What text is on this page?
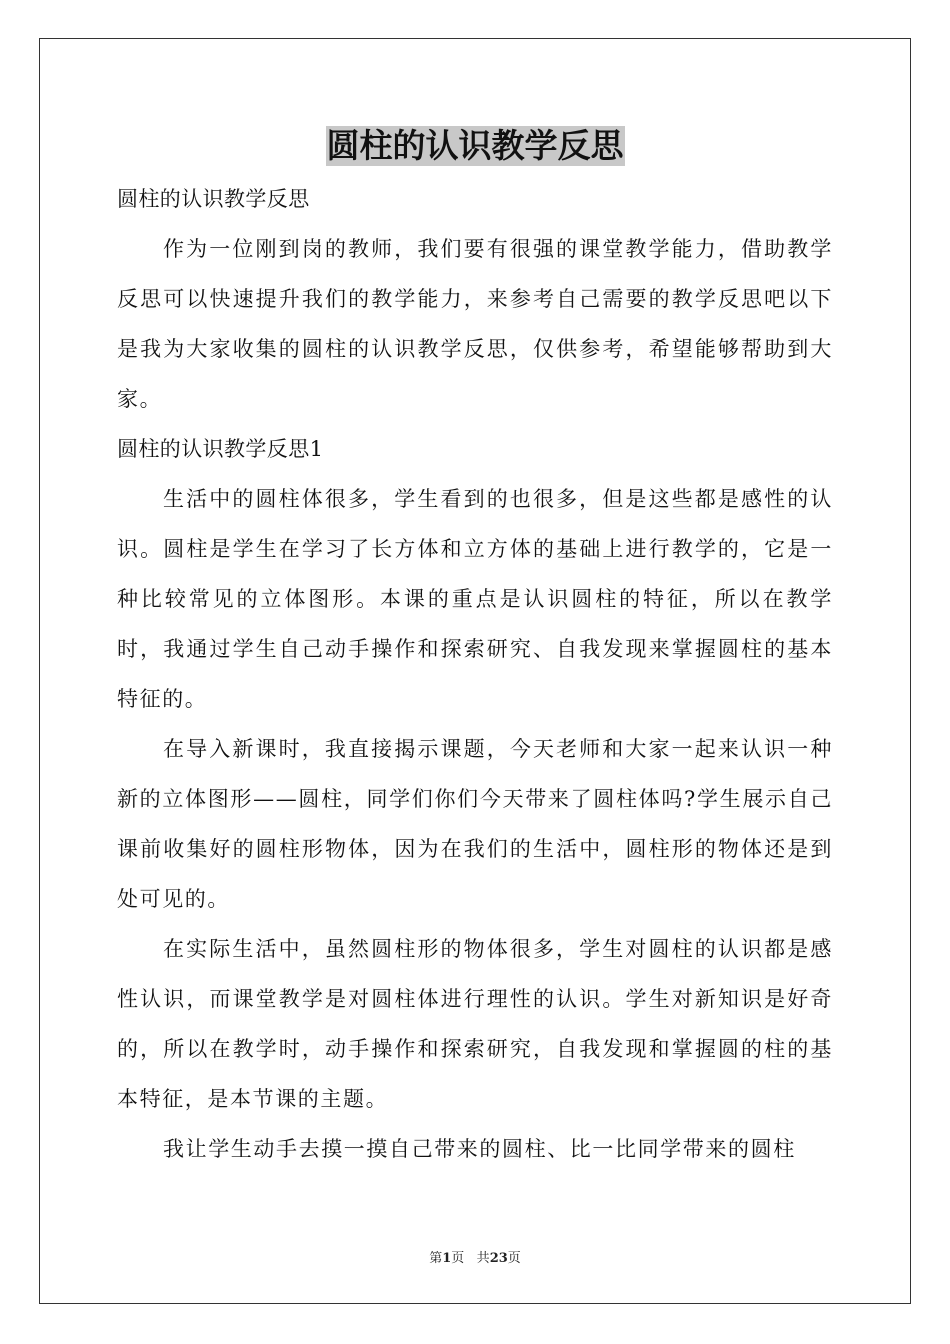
圆柱的认识教学反思

圆柱的认识教学反思

作为一位刚到岗的教师，我们要有很强的课堂教学能力，借助教学反思可以快速提升我们的教学能力，来参考自己需要的教学反思吧以下是我为大家收集的圆柱的认识教学反思，仅供参考，希望能够帮助到大家。

圆柱的认识教学反思1

生活中的圆柱体很多，学生看到的也很多，但是这些都是感性的认识。圆柱是学生在学习了长方体和立方体的基础上进行教学的，它是一种比较常见的立体图形。本课的重点是认识圆柱的特征，所以在教学时，我通过学生自己动手操作和探索研究、自我发现来掌握圆柱的基本特征的。

在导入新课时，我直接揭示课题，今天老师和大家一起来认识一种新的立体图形——圆柱，同学们你们今天带来了圆柱体吗?学生展示自己课前收集好的圆柱形物体，因为在我们的生活中，圆柱形的物体还是到处可见的。

在实际生活中，虽然圆柱形的物体很多，学生对圆柱的认识都是感性认识，而课堂教学是对圆柱体进行理性的认识。学生对新知识是好奇的，所以在教学时，动手操作和探索研究，自我发现和掌握圆的柱的基本特征，是本节课的主题。

我让学生动手去摸一摸自己带来的圆柱、比一比同学带来的圆柱

第1页 共23页
